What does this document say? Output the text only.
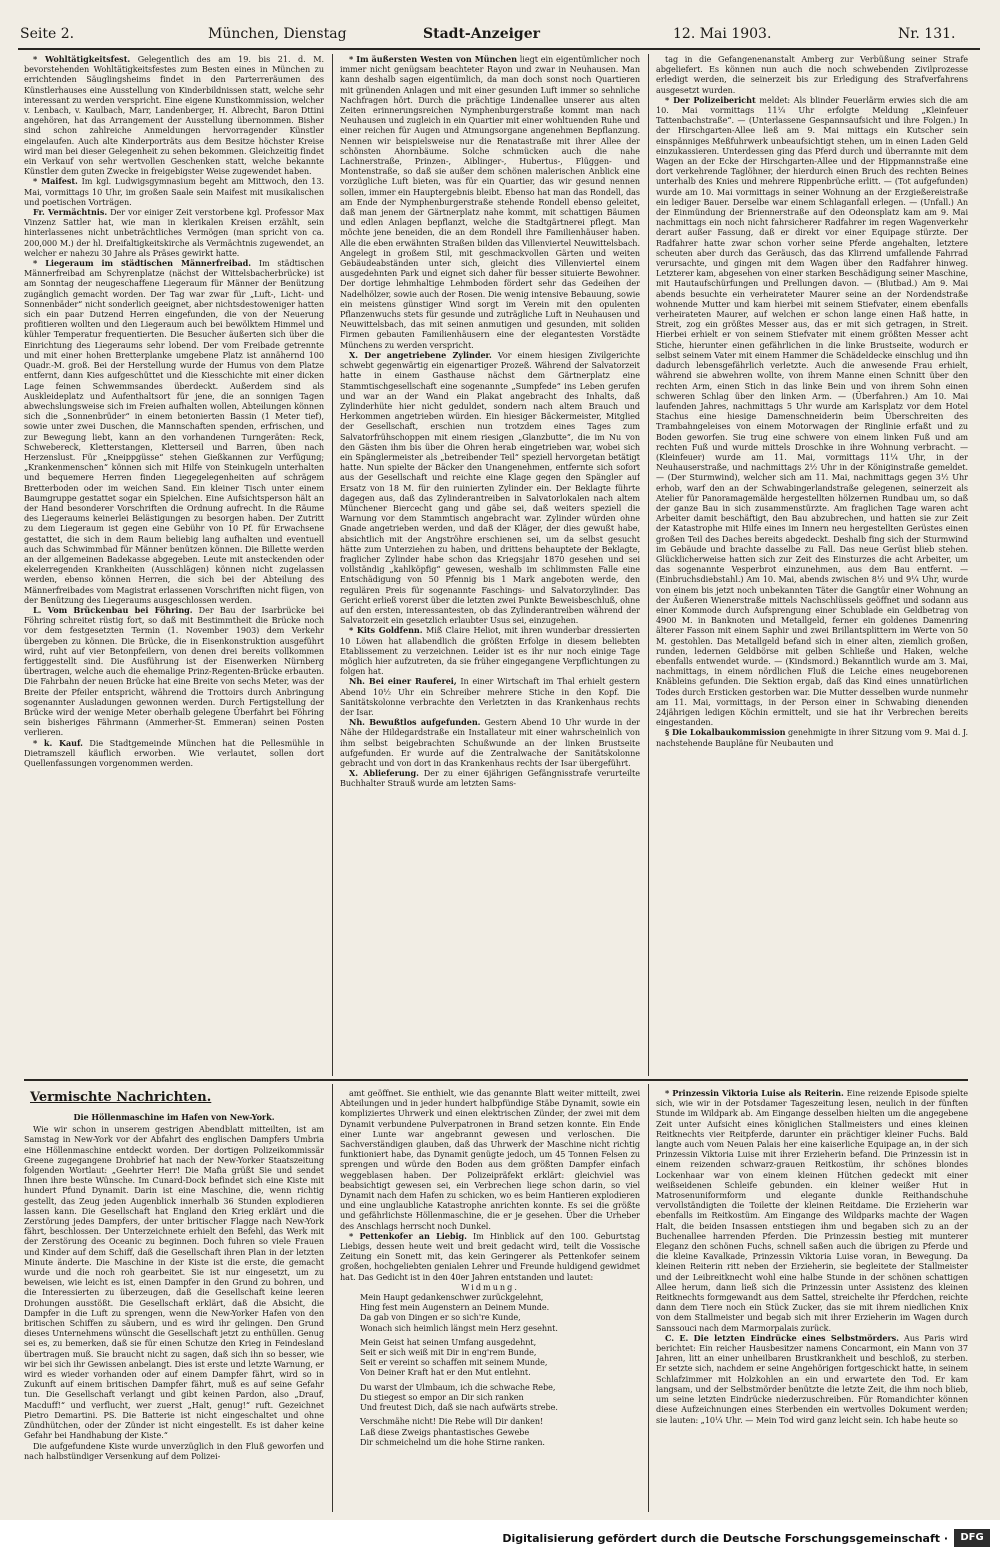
Seite 2.	München, Dienstag	Stadt-Anzeiger	12. Mai 1903.	Nr. 131.

* Wohltätigkeitsfest. Gelegentlich des am 19. bis 21. d. M. bevorstehenden Wohltätigkeitsfestes zum Besten eines in München zu errichtenden Säuglingsheims findet in den Parterreräumen des Künstlerhauses eine Ausstellung von Kinderbildnissen statt, welche sehr interessant zu werden verspricht. Eine eigene Kunstkommission, welcher v. Lenbach, v. Kaulbach, Marr, Landenberger, H. Albrecht, Baron Dttini angehören, hat das Arrangement der Ausstellung übernommen. Bisher sind schon zahlreiche Anmeldungen hervorragender Künstler eingelaufen. Auch alte Kinderporträts aus dem Besitze höchster Kreise wird man bei dieser Gelegenheit zu sehen bekommen. Gleichzeitig findet ein Verkauf von sehr wertvollen Geschenken statt, welche bekannte Künstler dem guten Zwecke in freigebigster Weise zugewendet haben.

* Maifest. Im kgl. Ludwigsgymnasium begeht am Mittwoch, den 13. Mai, vormittags 10 Uhr, im großen Saale sein Maifest mit musikalischen und poetischen Vorträgen.

Fr. Vermächtnis. Der vor einiger Zeit verstorbene kgl. Professor Max Vinzenz Sattler hat, wie man in klerikalen Kreisen erzählt, sein hinterlassenes nicht unbeträchtliches Vermögen (man spricht von ca. 200,000 M.) der hl. Dreifaltigkeitskirche als Vermächtnis zugewendet, an welcher er nahezu 30 Jahre als Präses gewirkt hatte.

* Liegeraum im städtischen Männerfreibad. Im städtischen Männerfreibad am Schyrenplatze (nächst der Wittelsbacherbrücke) ist am Sonntag der neugeschaffene Liegeraum für Männer der Benützung zugänglich gemacht worden. Der Tag war zwar für „Luft-, Licht- und Sonnenbäder“ nicht sonderlich geeignet, aber nichtsdestoweniger hatten sich ein paar Dutzend Herren eingefunden, die von der Neuerung profitieren wollten und den Liegeraum auch bei bewölktem Himmel und kühler Temperatur frequentierten. Die Besucher äußerten sich über die Einrichtung des Liegeraums sehr lobend. Der vom Freibade getrennte und mit einer hohen Bretterplanke umgebene Platz ist annähernd 100 Quadr.-M. groß. Bei der Herstellung wurde der Humus von dem Platze entfernt, dann Kies aufgeschüttet und die Kiesschichte mit einer dicken Lage feinen Schwemmsandes überdeckt. Außerdem sind als Auskleideplatz und Aufenthaltsort für jene, die an sonnigen Tagen abwechslungsweise sich im Freien aufhalten wollen, Abteilungen können sich die „Sonnenbrüder“ in einem betonierten Bassin (1 Meter tief), sowie unter zwei Duschen, die Mannschaften spenden, erfrischen, und zur Bewegung liebt, kann an den vorhandenen Turngeräten: Reck, Schwebereck, Kletterstangen, Kletterseil und Barren, üben nach Herzenslust. Für „Kneippgüsse“ stehen Gießkannen zur Verfügung; „Krankenmenschen“ können sich mit Hilfe von Steinkugeln unterhalten und bequemere Herren finden Liegegelegenheiten auf schrägem Bretterboden oder im weichen Sand. Ein kleiner Tisch unter einem Baumgruppe gestattet sogar ein Spielchen. Eine Aufsichtsperson hält an der Hand besonderer Vorschriften die Ordnung aufrecht. In die Räume des Liegeraums keinerlei Belästigungen zu besorgen haben. Der Zutritt zu dem Liegeraum ist gegen eine Gebühr von 10 Pf. für Erwachsene gestattet, die sich in dem Raum beliebig lang aufhalten und eventuell auch das Schwimmbad für Männer benützen können. Die Billette werden an der allgemeinen Badekasse abgegeben. Leute mit ansteckenden oder ekelerregenden Krankheiten (Ausschlägen) können nicht zugelassen werden, ebenso können Herren, die sich bei der Abteilung des Männerfreibades vom Magistrat erlassenen Vorschriften nicht fügen, von der Benützung des Liegeraums ausgeschlossen werden.

L. Vom Brückenbau bei Föhring. Der Bau der Isarbrücke bei Föhring schreitet rüstig fort, so daß mit Bestimmtheit die Brücke noch vor dem festgesetzten Termin (1. November 1903) dem Verkehr übergeben zu können. Die Brücke, die in Eisenkonstruktion ausgeführt wird, ruht auf vier Betonpfeilern, von denen drei bereits vollkommen fertiggestellt sind. Die Ausführung ist der Eisenwerken Nürnberg übertragen, welche auch die ehemalige Prinz-Regenten-Brücke erbauten. Die Fahrbahn der neuen Brücke hat eine Breite von sechs Meter, was der Breite der Pfeiler entspricht, während die Trottoirs durch Anbringung sogenannter Ausladungen gewonnen werden. Durch Fertigstellung der Brücke wird der wenige Meter oberhalb gelegene Überfahrt bei Föhring sein bisheriges Fährmann (Ammerher-St. Emmeran) seinen Posten verlieren.

* k. Kauf. Die Stadtgemeinde München hat die Pellesmühle in Dietramszell käuflich erworben. Wie verlautet, sollen dort Quellenfassungen vorgenommen werden.

* Im äußersten Westen von München liegt ein eigentümlicher noch immer nicht genügsam beachteter Rayon und zwar in Neuhausen. Man kann deshalb sagen eigentümlich, da man doch sonst noch Quartieren mit grünenden Anlagen und mit einer gesunden Luft immer so sehnliche Nachfragen hört. Durch die prächtige Lindenallee unserer aus alten Zeiten erinnerungsreichen Nymphenburgerstraße kommt man nach Neuhausen und zugleich in ein Quartier mit einer wohltuenden Ruhe und einer reichen für Augen und Atmungsorgane angenehmen Bepflanzung. Nennen wir beispielsweise nur die Renatastraße mit ihrer Allee der schönsten Ahornbäume. Solche schmücken auch die nahe Lachnerstraße, Prinzen-, Aiblinger-, Hubertus-, Flüggen- und Montenstraße, so daß sie außer dem schönen malerischen Anblick eine vorzügliche Luft bieten, was für ein Quartier, das wir gesund nennen sollen, immer ein Hauptergebnis bleibt. Ebenso hat man das Rondell, das am Ende der Nymphenburgerstraße stehende Rondell ebenso geleitet, daß man jenem der Gärtnerplatz nahe kommt, mit schattigen Bäumen und edlen Anlagen bepflanzt, welche die Stadtgärtnerei pflegt. Man möchte jene beneiden, die an dem Rondell ihre Familienhäuser haben. Alle die eben erwähnten Straßen bilden das Villenviertel Neuwittelsbach. Angelegt in großem Stil, mit geschmackvollen Gärten und weiten Gebäudeabständen unter sich, gleicht dies Villenviertel einem ausgedehnten Park und eignet sich daher für besser situierte Bewohner. Der dortige lehmhaltige Lehmboden fördert sehr das Gedeihen der Nadelhölzer, sowie auch der Rosen. Die wenig intensive Bebauung, sowie ein meistens günstiger Wind sorgt im Verein mit den opulenten Pflanzenwuchs stets für gesunde und zuträgliche Luft in Neuhausen und Neuwittelsbach, das mit seinen anmutigen und gesunden, mit soliden Firmen gebauten Familienhäusern eine der elegantesten Vorstädte Münchens zu werden verspricht.

X. Der angetriebene Zylinder. Vor einem hiesigen Zivilgerichte schwebt gegenwärtig ein eigenartiger Prozeß. Während der Salvatorzeit hatte in einem Gasthause nächst dem Gärtnerplatz eine Stammtischgesellschaft eine sogenannte „Sumpfede“ ins Leben gerufen und war an der Wand ein Plakat angebracht des Inhalts, daß Zylinderhüte hier nicht geduldet, sondern nach altem Brauch und Herkommen angetrieben würden. Ein hiesiger Bäckermeister, Mitglied der Gesellschaft, erschien nun trotzdem eines Tages zum Salvatorfrühschoppen mit einem riesigen „Glanzbutte“, die im Nu von den Gästen ihm bis über die Ohren herab eingetrieben war, wobei sich ein Spänglermeister als „betreibender Teil“ speziell hervorgetan betätigt hatte. Nun spielte der Bäcker den Unangenehmen, entfernte sich sofort aus der Gesellschaft und reichte eine Klage gegen den Spängler auf Ersatz von 18 M. für den ruinierten Zylinder ein. Der Beklagte führte dagegen aus, daß das Zylinderantreiben in Salvatorlokalen nach altem Münchener Biercecht gang und gäbe sei, daß weiters speziell die Warnung vor dem Stammtisch angebracht war. Zylinder würden ohne Gnade angetrieben werden, und daß der Kläger, der dies gewußt habe, absichtlich mit der Angströhre erschienen sei, um da selbst gesucht hätte zum Unterziehen zu haben, und drittens behauptete der Beklagte, fraglicher Zylinder habe schon das Kriegsjahr 1870 gesehen und sei vollständig „kahlköpfig“ gewesen, weshalb im schlimmsten Falle eine Entschädigung von 50 Pfennig bis 1 Mark angeboten werde, den regulären Preis für sogenannte Faschings- und Salvatorzylinder. Das Gericht erließ vorerst über die letzten zwei Punkte Beweisbeschluß, ohne auf den ersten, interessantesten, ob das Zylinderantreiben während der Salvatorzeit ein gesetzlich erlaubter Usus sei, einzugehen.

* Kits Goldfenn. Miß Claire Heliot, mit ihren wunderbar dressierten 10 Löwen hat allabendlich die größten Erfolge in diesem beliebten Etablissement zu verzeichnen. Leider ist es ihr nur noch einige Tage möglich hier aufzutreten, da sie früher eingegangene Verpflichtungen zu folgen hat.

Nh. Bei einer Rauferei, In einer Wirtschaft im Thal erhielt gestern Abend 10½ Uhr ein Schreiber mehrere Stiche in den Kopf. Die Sanitätskolonne verbrachte den Verletzten in das Krankenhaus rechts der Isar.

Nh. Bewußtlos aufgefunden. Gestern Abend 10 Uhr wurde in der Nähe der Hildegardstraße ein Installateur mit einer wahrscheinlich von ihm selbst beigebrachten Schußwunde an der linken Brustseite aufgefunden. Er wurde auf die Zentralwache der Sanitätskolonne gebracht und von dort in das Krankenhaus rechts der Isar übergeführt.

X. Ablieferung. Der zu einer 6jährigen Gefängnisstrafe verurteilte Buchhalter Strauß wurde am letzten Sams-

tag in die Gefangenenanstalt Amberg zur Verbüßung seiner Strafe abgeliefert. Es können nun auch die noch schwebenden Zivilprozesse erledigt werden, die seinerzeit bis zur Erledigung des Strafverfahrens ausgesetzt wurden.

* Der Polizeibericht meldet: Als blinder Feuerlärm erwies sich die am 10. Mai vormittags 11¼ Uhr erfolgte Meldung „Kleinfeuer Tattenbachstraße“. — (Unterlassene Gespannsaufsicht und ihre Folgen.) In der Hirschgarten-Allee ließ am 9. Mai mittags ein Kutscher sein einspänniges Meßfuhrwerk unbeaufsichtigt stehen, um in einen Laden Geld einzukassieren. Unterdessen ging das Pferd durch und überrannte mit dem Wagen an der Ecke der Hirschgarten-Allee und der Hippmannstraße eine dort verkehrende Taglöhner, der hierdurch einen Bruch des rechten Beines unterhalb des Knies und mehrere Rippenbrüche erlitt. — (Tot aufgefunden) wurde am 10. Mai vormittags in seiner Wohnung an der Erzgießereistraße ein lediger Bauer. Derselbe war einem Schlaganfall erlegen. — (Unfall.) An der Einmündung der Briennerstraße auf den Odeonsplatz kam am 9. Mai nachmittags ein noch nicht fahrsicherer Radfahrer im regen Wagenverkehr derart außer Fassung, daß er direkt vor einer Equipage stürzte. Der Radfahrer hatte zwar schon vorher seine Pferde angehalten, letztere scheuten aber durch das Geräusch, das das Klirrend umfallende Fahrrad verursachte, und gingen mit dem Wagen über den Radfahrer hinweg. Letzterer kam, abgesehen von einer starken Beschädigung seiner Maschine, mit Hautaufschürfungen und Prellungen davon. — (Blutbad.) Am 9. Mai abends besuchte ein verheirateter Maurer seine an der Nordendstraße wohnende Mutter und kam hierbei mit seinem Stiefvater, einem ebenfalls verheirateten Maurer, auf welchen er schon lange einen Haß hatte, in Streit, zog ein größtes Messer aus, das er mit sich getragen, in Streit. Hierbei erhielt er von seinem Stiefvater mit einem größten Messer acht Stiche, hierunter einen gefährlichen in die linke Brustseite, wodurch er selbst seinem Vater mit einem Hammer die Schädeldecke einschlug und ihn dadurch lebensgefährlich verletzte. Auch die anwesende Frau erhielt, während sie abwehren wollte, von ihrem Manne einen Schnitt über den rechten Arm, einen Stich in das linke Bein und von ihrem Sohn einen schweren Schlag über den linken Arm. — (Überfahren.) Am 10. Mai laufenden Jahres, nachmittags 5 Uhr wurde am Karlsplatz vor dem Hotel Stachus eine hiesige Damenschneiderin beim Überschreiten des Trambahngeleises von einem Motorwagen der Ringlinie erfaßt und zu Boden geworfen. Sie trug eine schwere von einem linken Fuß und am rechten Fuß und wurde mittels Droschke in ihre Wohnung verbracht. — (Kleinfeuer) wurde am 11. Mai, vormittags 11¼ Uhr, in der Neuhauserstraße, und nachmittags 2½ Uhr in der Königinstraße gemeldet. — (Der Sturmwind), welcher sich am 11. Mai, nachmittags gegen 3½ Uhr erhob, warf den an der Schwabingerlandstraße gelegenen, seinerzeit als Atelier für Panoramagemälde hergestellten hölzernen Rundbau um, so daß der ganze Bau in sich zusammenstürzte. Am fraglichen Tage waren acht Arbeiter damit beschäftigt, den Bau abzubrechen, und hatten sie zur Zeit der Katastrophe mit Hilfe eines im Innern neu hergestellten Gerüstes einen großen Teil des Daches bereits abgedeckt. Deshalb fing sich der Sturmwind im Gebäude und brachte dasselbe zu Fall. Das neue Gerüst blieb stehen. Glücklicherweise hatten sich zur Zeit des Einsturzes die acht Arbeiter, um das sogenannte Vesperbrot einzunehmen, aus dem Bau entfernt. — (Einbruchsdiebstahl.) Am 10. Mai, abends zwischen 8½ und 9¼ Uhr, wurde von einem bis jetzt noch unbekannten Täter die Gangtür einer Wohnung an der Äußeren Wienerstraße mittels Nachschlüssels geöffnet und sodann aus einer Kommode durch Aufsprengung einer Schublade ein Geldbetrag von 4900 M. in Banknoten und Metallgeld, ferner ein goldenes Damenring älterer Fasson mit einem Saphir und zwei Brillantsplittern im Werte von 50 M. gestohlen. Das Metallgeld befand sich in einer alten, ziemlich großen, runden, ledernen Geldbörse mit gelben Schließe und Haken, welche ebenfalls entwendet wurde. — (Kindsmord.) Bekanntlich wurde am 3. Mai, nachmittags, in einem nördlichen Fluß die Leiche eines neugeborenen Knäbleins gefunden. Die Sektion ergab, daß das Kind eines unnatürlichen Todes durch Ersticken gestorben war. Die Mutter desselben wurde nunmehr am 11. Mai, vormittags, in der Person einer in Schwabing dienenden 24jährigen ledigen Köchin ermittelt, und sie hat ihr Verbrechen bereits eingestanden.

§ Die Lokalbaukommission genehmigte in ihrer Sitzung vom 9. Mai d. J. nachstehende Baupläne für Neubauten und

Vermischte Nachrichten.

Die Höllenmaschine im Hafen von New-York.

Wie wir schon in unserem gestrigen Abendblatt mitteilten, ist am Samstag in New-York vor der Abfahrt des englischen Dampfers Umbria eine Höllenmaschine entdeckt worden. Der dortigen Polizeikommissär Greene zugegangene Drohbrief hat nach der New-Yorker Staatszeitung folgenden Wortlaut: „Geehrter Herr! Die Mafia grüßt Sie und sendet Ihnen ihre beste Wünsche. Im Cunard-Dock befindet sich eine Kiste mit hundert Pfund Dynamit. Darin ist eine Maschine, die, wenn richtig gestellt, das Zeug jeden Augenblick innerhalb 36 Stunden explodieren lassen kann. Die Gesellschaft hat England den Krieg erklärt und die Zerstörung jedes Dampfers, der unter britischer Flagge nach New-York fährt, beschlossen. Der Unterzeichnete erhielt den Befehl, das Werk mit der Zerstörung des Oceanic zu beginnen. Doch fuhren so viele Frauen und Kinder auf dem Schiff, daß die Gesellschaft ihren Plan in der letzten Minute änderte. Die Maschine in der Kiste ist die erste, die gemacht wurde und die noch roh gearbeitet. Sie ist nur eingesetzt, um zu beweisen, wie leicht es ist, einen Dampfer in den Grund zu bohren, und die Interessierten zu überzeugen, daß die Gesellschaft keine leeren Drohungen ausstößt. Die Gesellschaft erklärt, daß die Absicht, die Dampfer in die Luft zu sprengen, wenn die New-Yorker Hafen von den britischen Schiffen zu säubern, und es wird ihr gelingen. Den Grund dieses Unternehmens wünscht die Gesellschaft jetzt zu enthüllen. Genug sei es, zu bemerken, daß sie für einen Schutze den Krieg in Feindesland übertragen muß. Sie braucht nicht zu sagen, daß sich ihn so besser, wie wir bei sich ihr Gewissen anbelangt. Dies ist erste und letzte Warnung, er wird es wieder vorhanden oder auf einem Dampfer fährt, wird so in Zukunft auf einem britischen Dampfer fährt, muß es auf seine Gefahr tun. Die Gesellschaft verlangt und gibt keinen Pardon, also „Drauf, Macduff!“ und verflucht, wer zuerst „Halt, genug!“ ruft. Gezeichnet Pietro Demartini. PS. Die Batterie ist nicht eingeschaltet und ohne Zündhütchen, oder der Zünder ist nicht eingestellt. Es ist daher keine Gefahr bei Handhabung der Kiste.“

Die aufgefundene Kiste wurde unverzüglich in den Fluß geworfen und nach halbstündiger Versenkung auf dem Polizei-

amt geöffnet. Sie enthielt, wie das genannte Blatt weiter mitteilt, zwei Abteilungen und in jeder hundert halbpfündige Stäbe Dynamit, sowie ein kompliziertes Uhrwerk und einen elektrischen Zünder, der zwei mit dem Dynamit verbundene Pulverpatronen in Brand setzen konnte. Ein Ende einer Lunte war angebrannt gewesen und verloschen. Die Sachverständigen glauben, daß das Uhrwerk der Maschine nicht richtig funktioniert habe, das Dynamit genügte jedoch, um 45 Tonnen Felsen zu sprengen und würde den Boden aus dem größten Dampfer einfach weggeblasen haben. Der Polizeipräfekt erklärt: gleichviel was beabsichtigt gewesen sei, ein Verbrechen liege schon darin, so viel Dynamit nach dem Hafen zu schicken, wo es beim Hantieren explodieren und eine unglaubliche Katastrophe anrichten konnte. Es sei die größte und gefährlichste Höllenmaschine, die er je gesehen. Über die Urheber des Anschlags herrscht noch Dunkel.

* Pettenkofer an Liebig. Im Hinblick auf den 100. Geburtstag Liebigs, dessen heute weit und breit gedacht wird, teilt die Vossische Zeitung ein Sonett mit, das kein Geringerer als Pettenkofer seinem großen, hochgeliebten genialen Lehrer und Freunde huldigend gewidmet hat. Das Gedicht ist in den 40er Jahren entstanden und lautet:

Widmung.

Mein Haupt gedankenschwer zurückgelehnt,
Hing fest mein Augenstern an Deinem Munde.
Da gab von Dingen er so sich're Kunde,
Wonach sich heimlich längst mein Herz gesehnt.

Mein Geist hat seinen Umfang ausgedehnt,
Seit er sich weiß mit Dir in eng'rem Bunde,
Seit er vereint so schaffen mit seinem Munde,
Von Deiner Kraft hat er den Mut entlehnt.

Du warst der Ulmbaum, ich die schwache Rebe,
Du stiegest so empor an Dir sich ranken
Und freutest Dich, daß sie nach aufwärts strebe.

Verschmähe nicht! Die Rebe will Dir danken!
Laß diese Zweigs phantastisches Gewebe
Dir schmeichelnd um die hohe Stirne ranken.

* Prinzessin Viktoria Luise als Reiterin. Eine reizende Episode spielte sich, wie wir in der Potsdamer Tageszeitung lesen, neulich in der fünften Stunde im Wildpark ab. Am Eingange desselben hielten um die angegebene Zeit unter Aufsicht eines königlichen Stallmeisters und eines kleinen Reitknechts vier Reitpferde, darunter ein prächtiger kleiner Fuchs. Bald langte auch vom Neuen Palais her eine kaiserliche Equipage an, in der sich Prinzessin Viktoria Luise mit ihrer Erzieherin befand. Die Prinzessin ist in einem reizenden schwarz-grauen Reitkostüm, ihr schönes blondes Lockenhaar war von einem kleinen Hütchen gedeckt mit einer weißseidenen Schleife gebunden. ein kleiner weißer Hut in Matrosenuniformform und elegante dunkle Reithandschuhe vervollständigten die Toilette der kleinen Reitdame. Die Erzieherin war ebenfalls im Reitkostüm. Am Eingange des Wildparks machte der Wagen Halt, die beiden Insassen entstiegen ihm und begaben sich zu an der Buchenallee harrenden Pferden. Die Prinzessin bestieg mit munterer Eleganz den schönen Fuchs, schnell saßen auch die übrigen zu Pferde und die kleine Kavalkade, Prinzessin Viktoria Luise voran, in Bewegung. Da kleinen Reiterin ritt neben der Erzieherin, sie begleitete der Stallmeister und der Leibreitknecht wohl eine halbe Stunde in der schönen schattigen Allee herum, dann ließ sich die Prinzessin unter Assistenz des kleinen Reitknechts formgewandt aus dem Sattel, streichelte ihr Pferdchen, reichte dann dem Tiere noch ein Stück Zucker, das sie mit ihrem niedlichen Knix von dem Stallmeister und begab sich mit ihrer Erzieherin im Wagen durch Sanssouci nach dem Marmorpalais zurück.

C. E. Die letzten Eindrücke eines Selbstmörders. Aus Paris wird berichtet: Ein reicher Hausbesitzer namens Concarmont, ein Mann von 37 Jahren, litt an einer unheilbaren Brustkrankheit und beschloß, zu sterben. Er setzte sich, nachdem er seine Angehörigen fortgeschickt hatte, in seinem Schlafzimmer mit Holzkohlen an ein und erwartete den Tod. Er kam langsam, und der Selbstmörder benützte die letzte Zeit, die ihm noch blieb, um seine letzten Eindrücke niederzuschreiben. Für Romandichter können diese Aufzeichnungen eines Sterbenden ein wertvolles Dokument werden; sie lauten: „10¼ Uhr. — Mein Tod wird ganz leicht sein. Ich habe heute so

Digitalisierung gefördert durch die Deutsche Forschungsgemeinschaft ·	DFG
